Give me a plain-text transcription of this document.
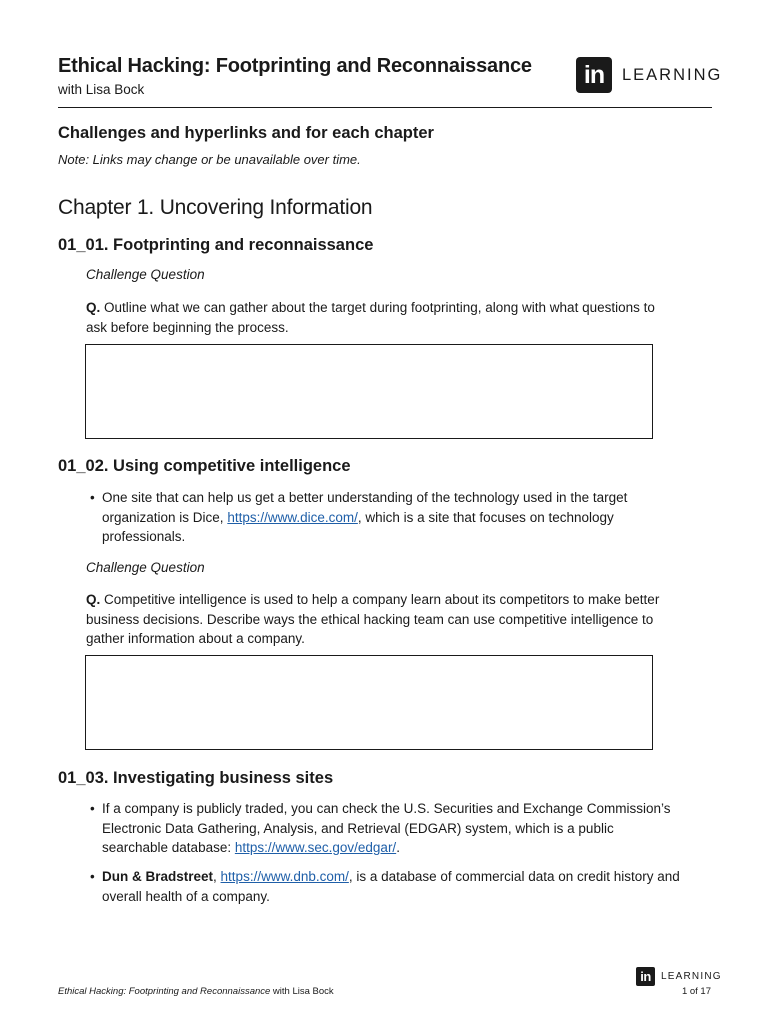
Ethical Hacking: Footprinting and Reconnaissance
with Lisa Bock
in	LEARNING
Challenges and hyperlinks and for each chapter
Note: Links may change or be unavailable over time.
Chapter 1. Uncovering Information
01_01. Footprinting and reconnaissance
Challenge Question
Q. Outline what we can gather about the target during footprinting, along with what questions to ask before beginning the process.
01_02. Using competitive intelligence
• One site that can help us get a better understanding of the technology used in the target organization is Dice, https://www.dice.com/, which is a site that focuses on technology professionals.
Challenge Question
Q. Competitive intelligence is used to help a company learn about its competitors to make better business decisions. Describe ways the ethical hacking team can use competitive intelligence to gather information about a company.
01_03. Investigating business sites
• If a company is publicly traded, you can check the U.S. Securities and Exchange Commission’s Electronic Data Gathering, Analysis, and Retrieval (EDGAR) system, which is a public searchable database: https://www.sec.gov/edgar/.
• Dun & Bradstreet, https://www.dnb.com/, is a database of commercial data on credit history and overall health of a company.
in	LEARNING
Ethical Hacking: Footprinting and Reconnaissance with Lisa Bock	1 of 17
